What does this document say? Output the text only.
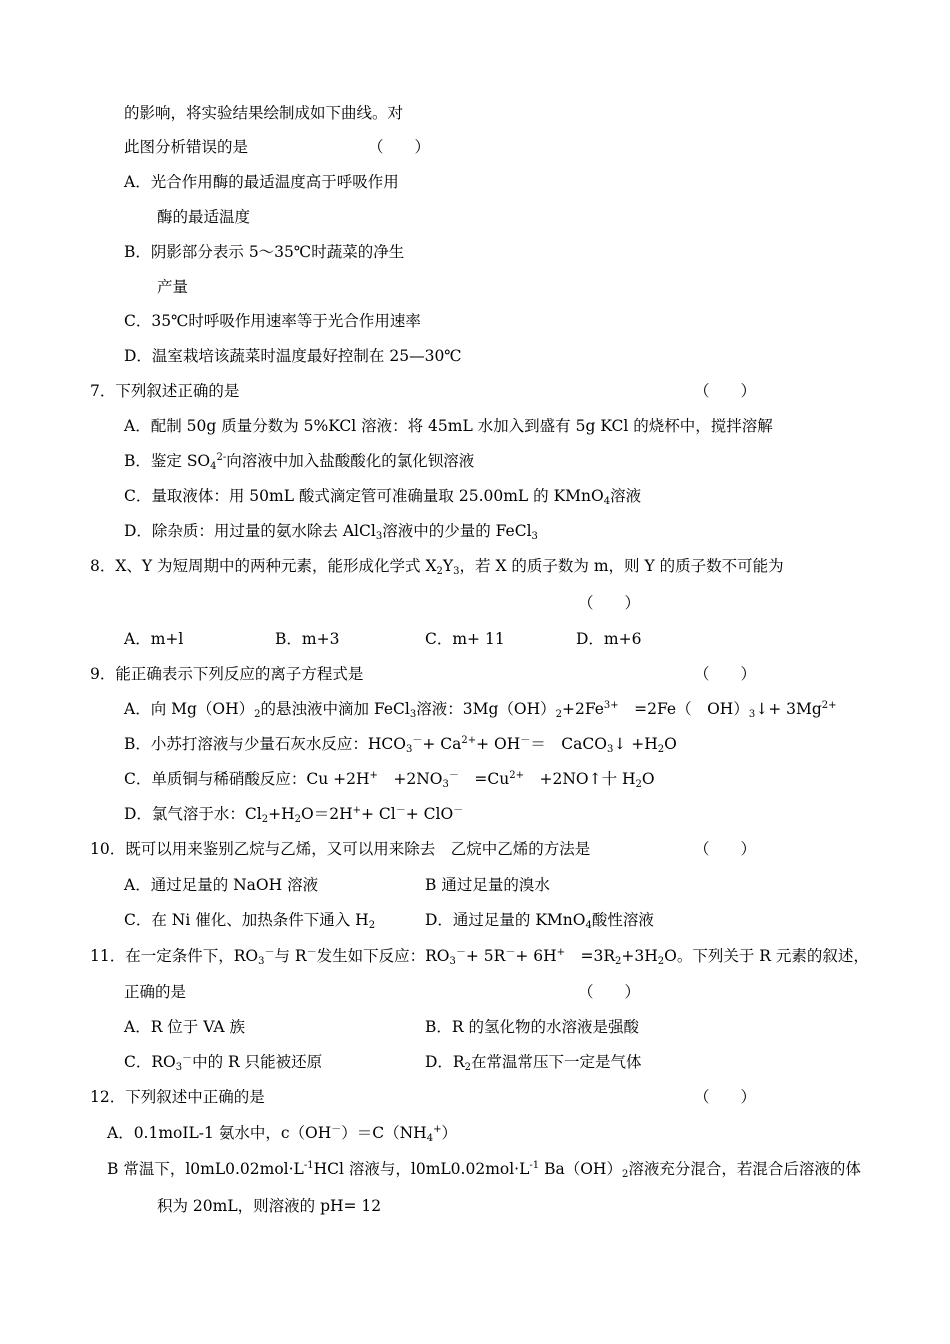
的影响，将实验结果绘制成如下曲线。对
此图分析错误的是	（　　）
A．光合作用酶的最适温度高于呼吸作用
酶的最适温度
B．阴影部分表示 5～35℃时蔬菜的净生
产量
C．35℃时呼吸作用速率等于光合作用速率
D．温室栽培该蔬菜时温度最好控制在 25—30℃
7．下列叙述正确的是	（　　）
A．配制 50g 质量分数为 5%KCl 溶液：将 45mL 水加入到盛有 5g KCl 的烧杯中，搅拌溶解
B．鉴定 $SO_4^{2-}$向溶液中加入盐酸酸化的氯化钡溶液
C．量取液体：用 50mL 酸式滴定管可准确量取 25.00mL 的 KMnO$_4$溶液
D．除杂质：用过量的氨水除去 AlCl$_3$溶液中的少量的 FeCl$_3$
8．X、Y 为短周期中的两种元素，能形成化学式 $X_2Y_3$，若 X 的质子数为 m，则 Y 的质子数不可能为
（　　）
A．m+l	B．m+3	C．m+ 11	D．m+6
9．能正确表示下列反应的离子方程式是	（　　）
A．向 $Mg(OH)_2$的悬浊液中滴加 FeCl$_3$溶液：$3Mg(OH)_2+2Fe^{3+}$　=2Fe（　$OH)_3↓+ 3Mg^{2+}$
B．小苏打溶液与少量石灰水反应：$HCO_3^-+ Ca^{2+}+ OH^-=$　CaCO$_3$↓ $+H_2O$
C．单质铜与稀硝酸反应：Cu +2H+　$+2NO_3^-$　$=Cu^{2+}$　+2NO↑十 $H_2O$
D．氯气溶于水：$Cl_2+H_2O=2H^++ Cl^-+ ClO^-$
10．既可以用来鉴别乙烷与乙烯，又可以用来除去　乙烷中乙烯的方法是	（　　）
A．通过足量的 NaOH 溶液	B 通过足量的溴水
C．在 Ni 催化、加热条件下通入 $H_2$	D．通过足量的 KMnO$_4$酸性溶液
11．在一定条件下，$RO_3^-$与 R－发生如下反应：$RO_3^-+ 5R^-+ 6H^+$　$=3R_2+3H_2O$。下列关于 R 元素的叙述，
正确的是	（　　）
A．R 位于 VA 族	B．R 的氢化物的水溶液是强酸
C．$RO_3^-$中的 R 只能被还原	D．$R_2$在常温常压下一定是气体
12．下列叙述中正确的是	（　　）
A．0.1moIL-1 氨水中，$c(OH^-)=C(NH_4^+)$
B 常温下，$l0mL0.02mol\cdot L^{-1}HCl$ 溶液与，$l0mL0.02mol\cdot L^{-1}$ $Ba(OH)_2$溶液充分混合，若混合后溶液的体
积为 20mL，则溶液的 pH= 12
